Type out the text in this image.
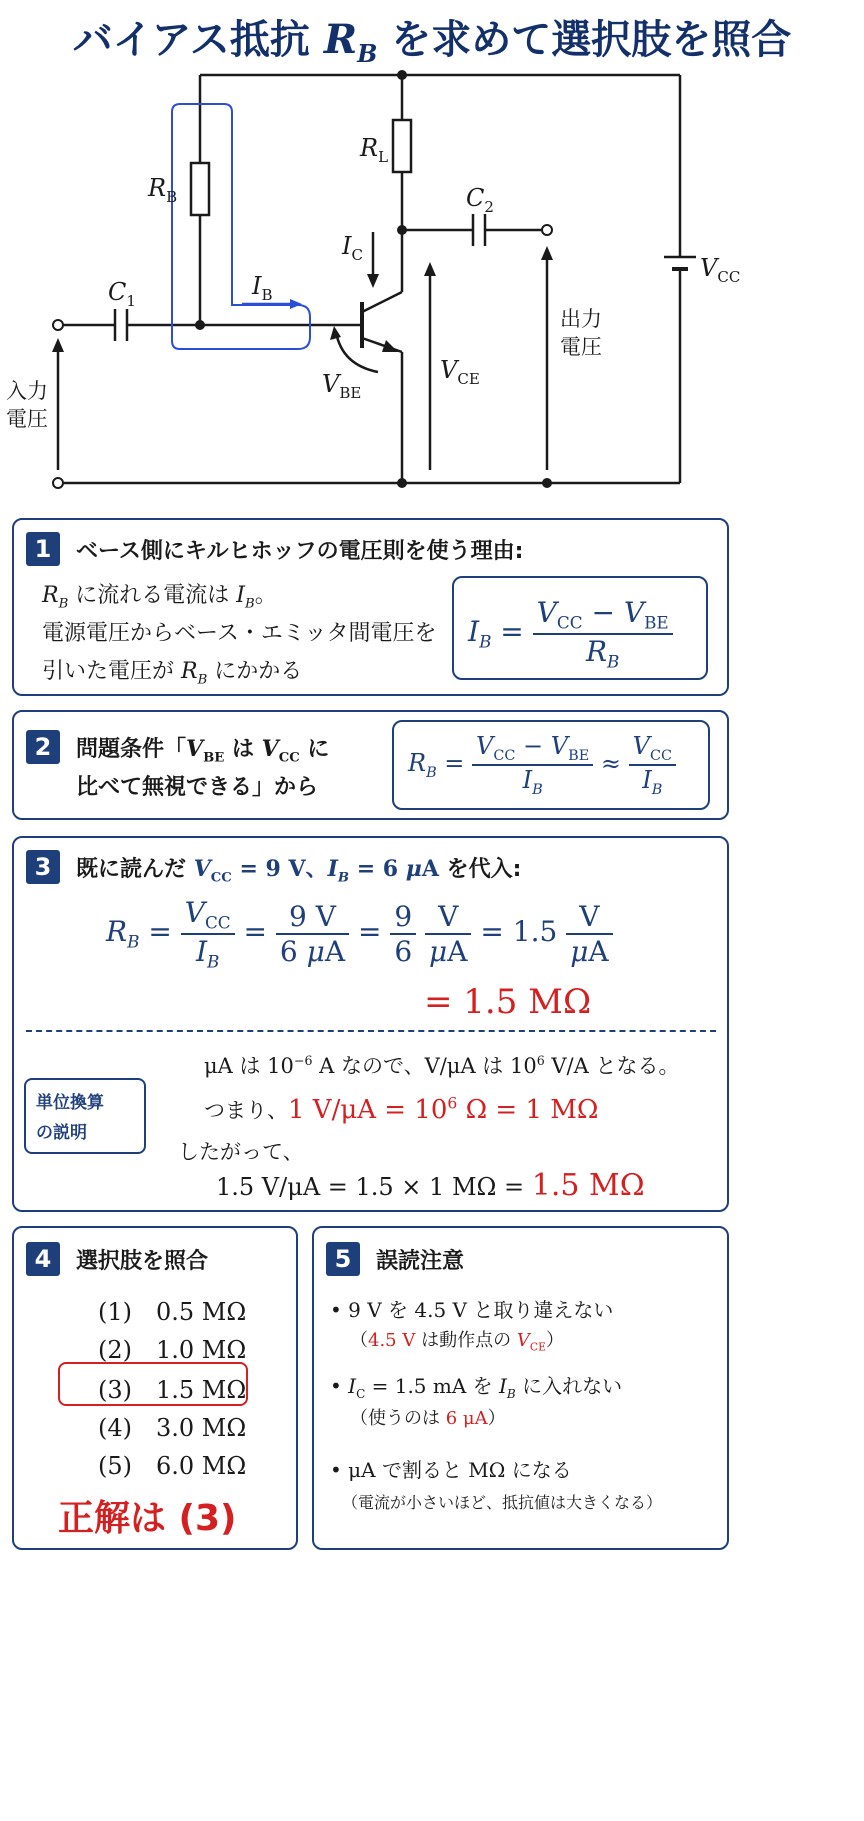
バイアス抵抗 $R_B$ を求めて選択肢を照合
$R_B$
$R_L$
$C_1$
$C_2$
$I_C$
$I_B$
$V_{BE}$
$V_{CE}$
$V_{CC}$
入力
電圧
出力
電圧
1	ベース側にキルヒホッフの電圧則を使う理由:
$R_B$ に流れる電流は $I_B$。
電源電圧からベース・エミッタ間電圧を
引いた電圧が $R_B$ にかかる
$I_B = \frac{V_{CC} - V_{BE}}{R_B}$
2	問題条件「$V_{BE}$ は $V_{CC}$ に
比べて無視できる」から
$R_B = \frac{V_{CC} - V_{BE}}{I_B} \approx \frac{V_{CC}}{I_B}$
3	既に読んだ $V_{CC} = 9$ V、$I_B = 6$ μA を代入:
$R_B = \frac{V_{CC}}{I_B} = \frac{9 V}{6 \mu A} = \frac{9}{6}$
$\frac{V}{\mu A} = 1.5 \frac{V}{\mu A}$
= 1.5 MΩ
単位換算
の説明
μA は $10^{-6}$ A なので、V/μA は $10^6$ V/A となる。
つまり、1 $V/\mu A = 10^6$ Ω = 1 MΩ
したがって、
1.5 V/μA = 1.5 × 1 MΩ = 1.5 MΩ
4	選択肢を照合
(1)　0.5 MΩ
(2)　1.0 MΩ
(3)　1.5 MΩ
(4)　3.0 MΩ
(5)　6.0 MΩ
正解は (3)
5	誤読注意
• 9 V を 4.5 V と取り違えない
（4.5 V は動作点の $V_{CE}$）
• $I_C = 1.5$ mA を $I_B$ に入れない
（使うのは 6 μA）
• μA で割ると MΩ になる
（電流が小さいほど、抵抗値は大きくなる）
